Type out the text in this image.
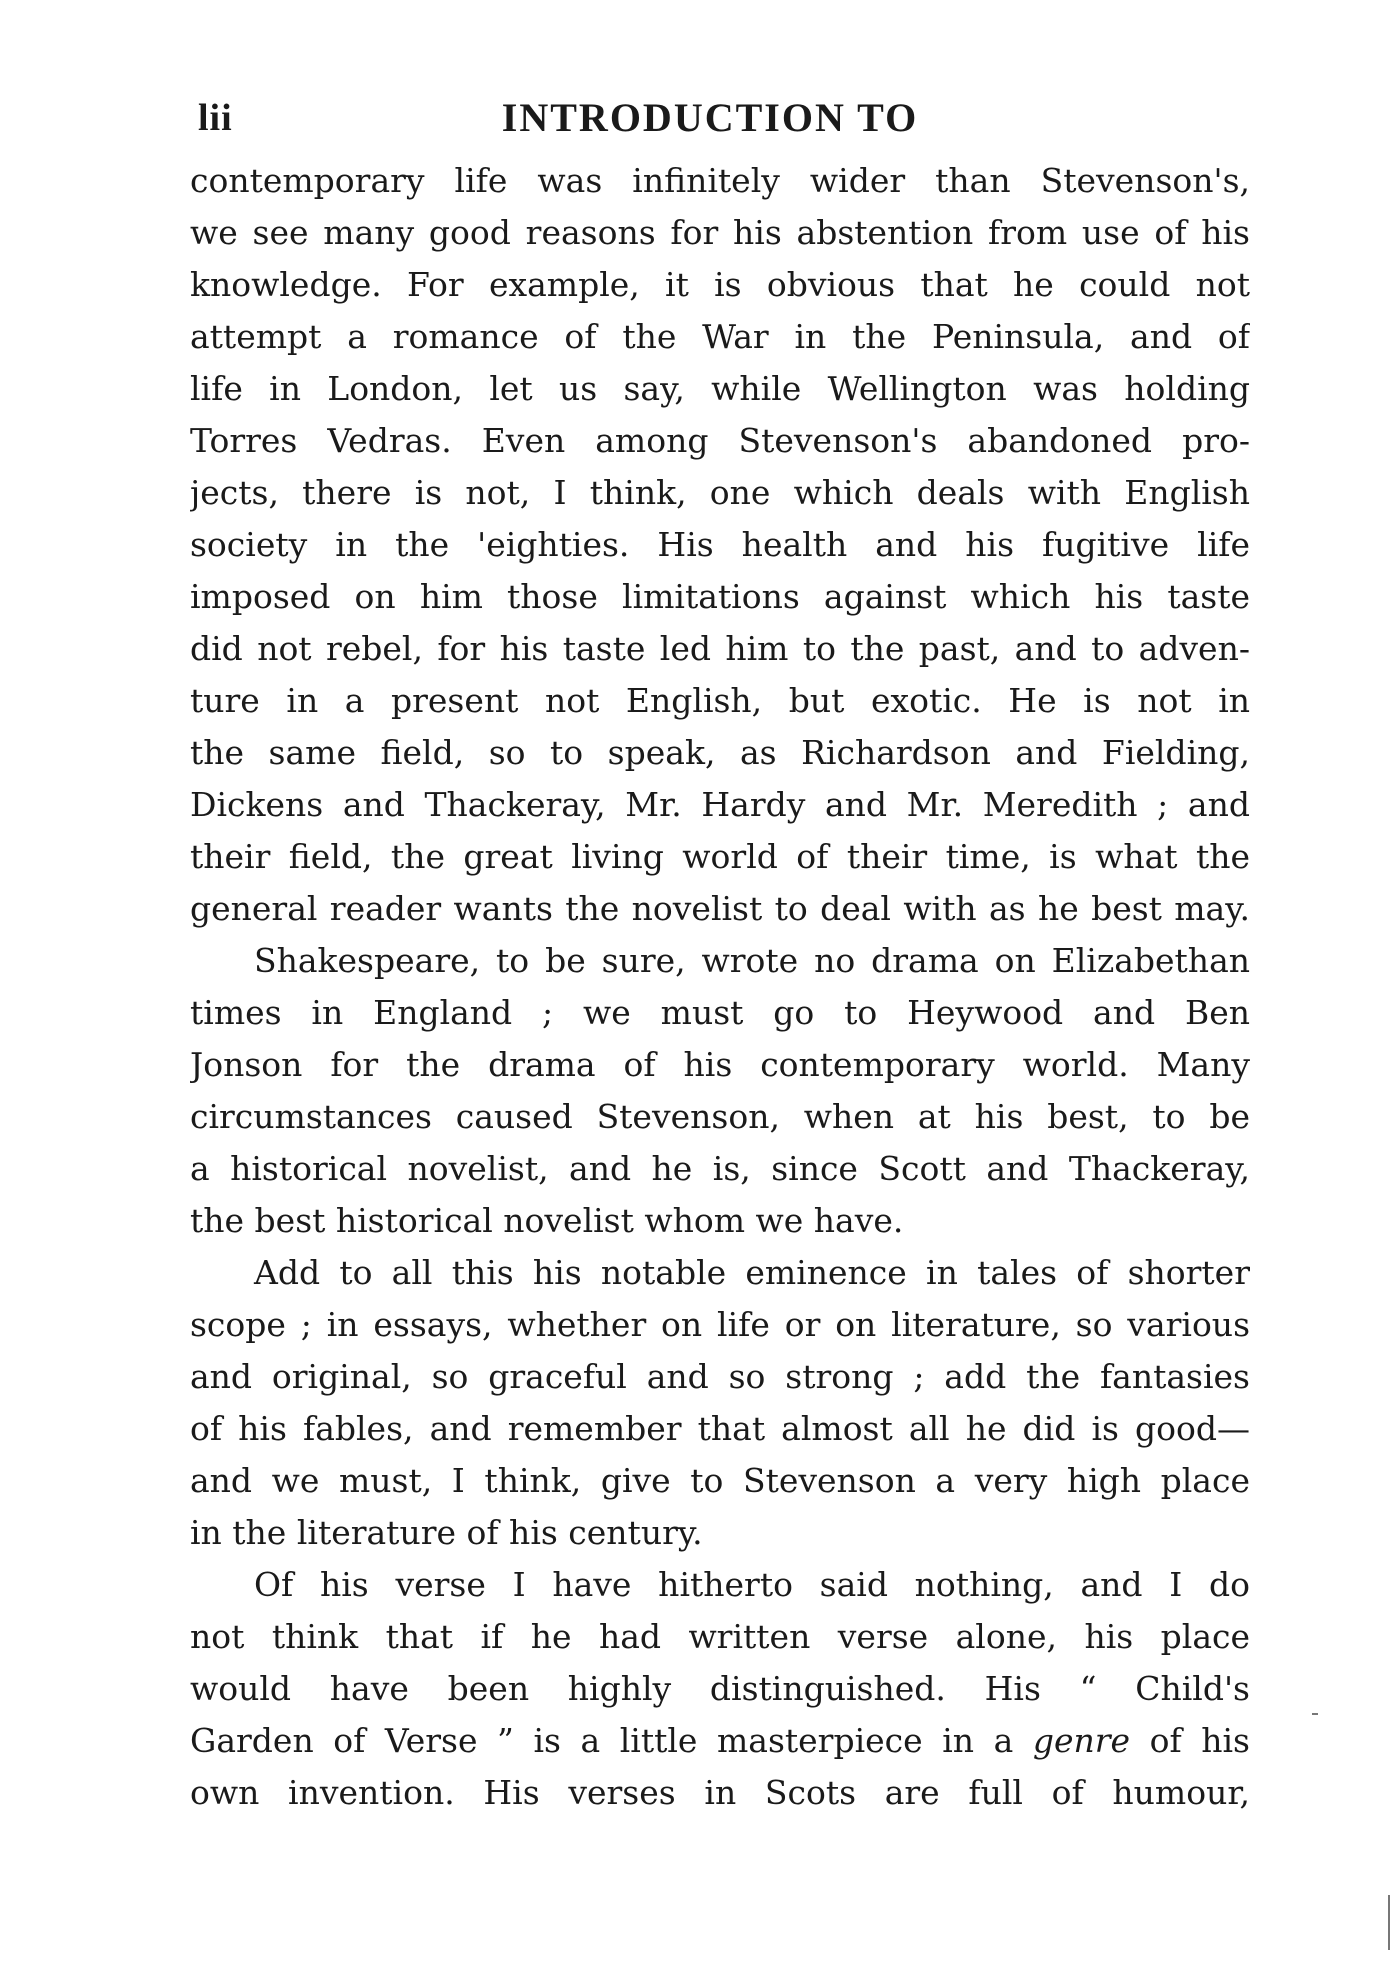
lii	INTRODUCTION TO
contemporary life was infinitely wider than Stevenson's,
we see many good reasons for his abstention from use of his
knowledge. For example, it is obvious that he could not
attempt a romance of the War in the Peninsula, and of
life in London, let us say, while Wellington was holding
Torres Vedras. Even among Stevenson's abandoned pro-
jects, there is not, I think, one which deals with English
society in the 'eighties. His health and his fugitive life
imposed on him those limitations against which his taste
did not rebel, for his taste led him to the past, and to adven-
ture in a present not English, but exotic. He is not in
the same field, so to speak, as Richardson and Fielding,
Dickens and Thackeray, Mr. Hardy and Mr. Meredith ; and
their field, the great living world of their time, is what the
general reader wants the novelist to deal with as he best may.
Shakespeare, to be sure, wrote no drama on Elizabethan
times in England ; we must go to Heywood and Ben
Jonson for the drama of his contemporary world. Many
circumstances caused Stevenson, when at his best, to be
a historical novelist, and he is, since Scott and Thackeray,
the best historical novelist whom we have.
Add to all this his notable eminence in tales of shorter
scope ; in essays, whether on life or on literature, so various
and original, so graceful and so strong ; add the fantasies
of his fables, and remember that almost all he did is good—
and we must, I think, give to Stevenson a very high place
in the literature of his century.
Of his verse I have hitherto said nothing, and I do
not think that if he had written verse alone, his place
would have been highly distinguished. His “ Child's
Garden of Verse ” is a little masterpiece in a genre of his
own invention. His verses in Scots are full of humour,
